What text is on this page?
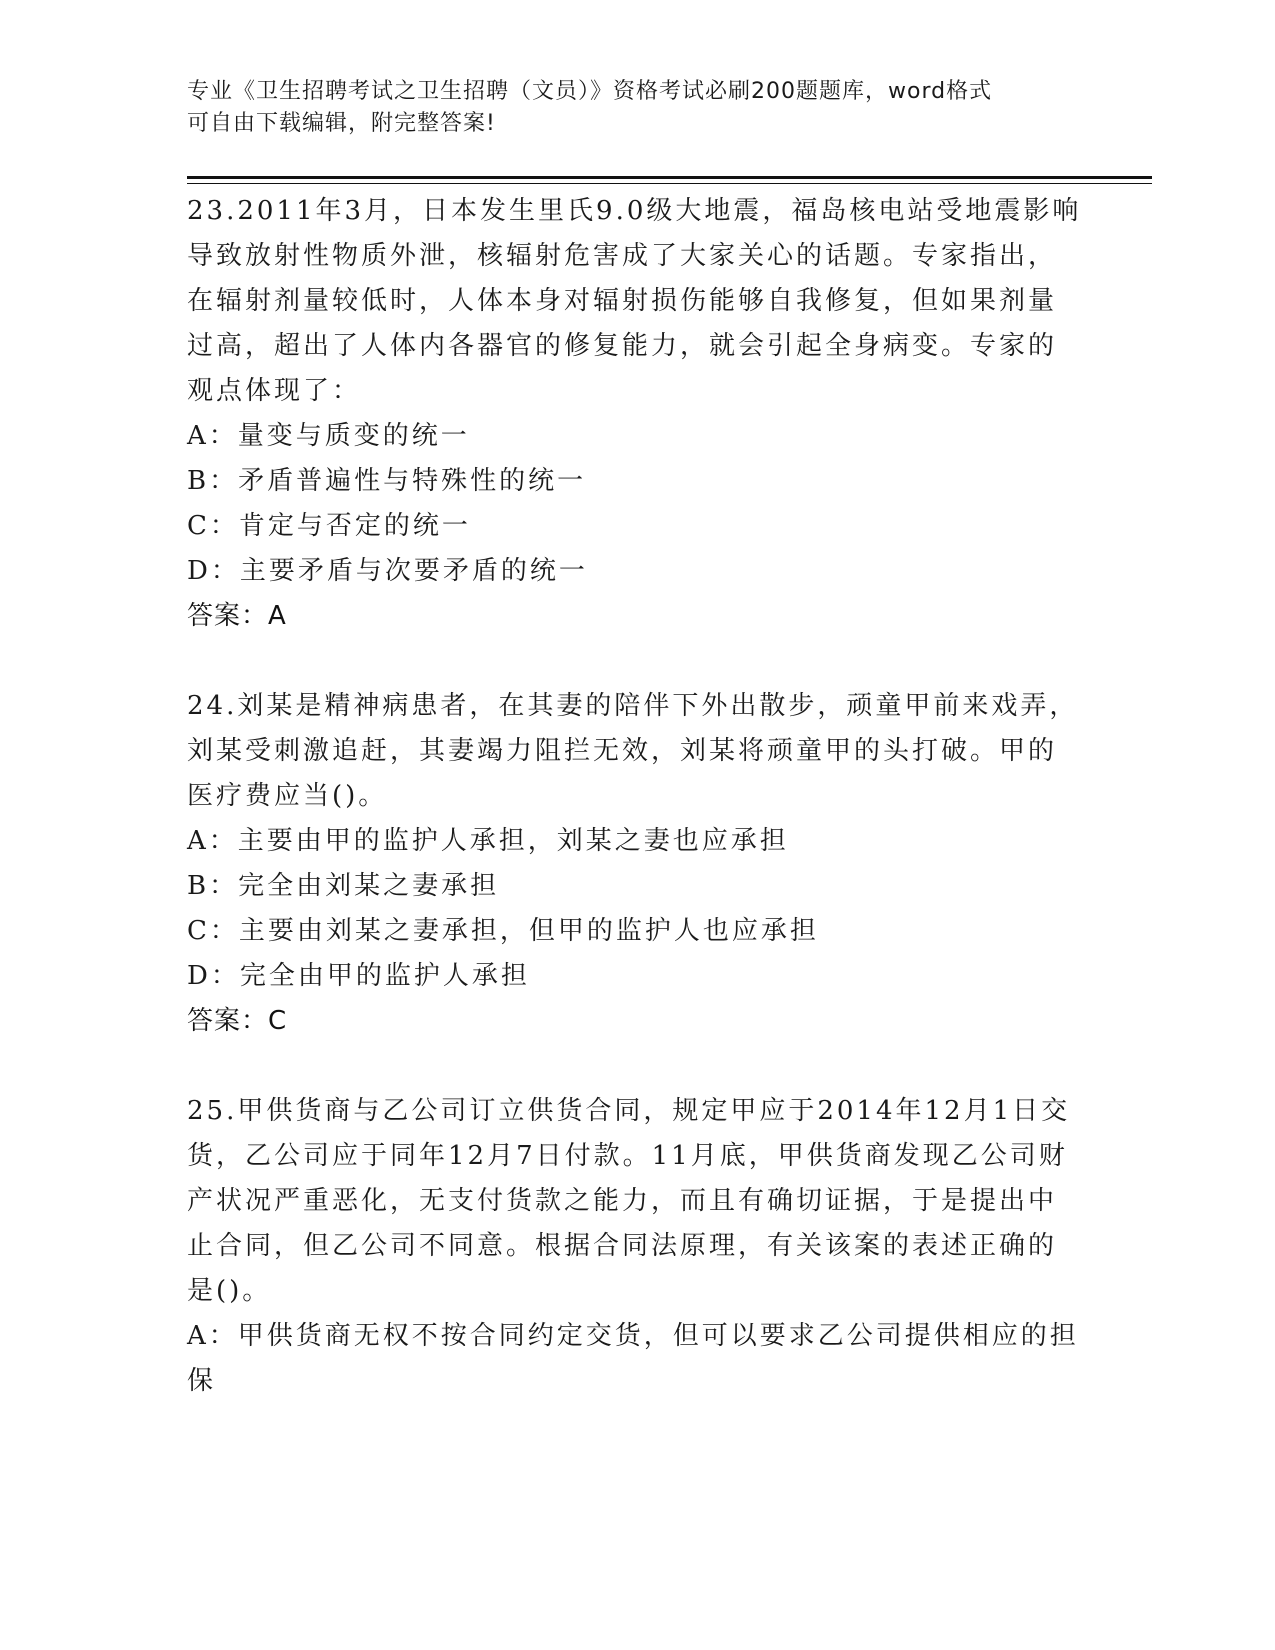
专业《卫生招聘考试之卫生招聘（文员）》资格考试必刷200题题库，word格式
可自由下载编辑，附完整答案!
23.2011年3月，日本发生里氏9.0级大地震，福岛核电站受地震影响
导致放射性物质外泄，核辐射危害成了大家关心的话题。专家指出，
在辐射剂量较低时，人体本身对辐射损伤能够自我修复，但如果剂量
过高，超出了人体内各器官的修复能力，就会引起全身病变。专家的
观点体现了：
A：量变与质变的统一
B：矛盾普遍性与特殊性的统一
C：肯定与否定的统一
D：主要矛盾与次要矛盾的统一
答案：A
24.刘某是精神病患者，在其妻的陪伴下外出散步，顽童甲前来戏弄，
刘某受刺激追赶，其妻竭力阻拦无效，刘某将顽童甲的头打破。甲的
医疗费应当()。
A：主要由甲的监护人承担，刘某之妻也应承担
B：完全由刘某之妻承担
C：主要由刘某之妻承担，但甲的监护人也应承担
D：完全由甲的监护人承担
答案：C
25.甲供货商与乙公司订立供货合同，规定甲应于2014年12月1日交
货，乙公司应于同年12月7日付款。11月底，甲供货商发现乙公司财
产状况严重恶化，无支付货款之能力，而且有确切证据，于是提出中
止合同，但乙公司不同意。根据合同法原理，有关该案的表述正确的
是()。
A：甲供货商无权不按合同约定交货，但可以要求乙公司提供相应的担
保
